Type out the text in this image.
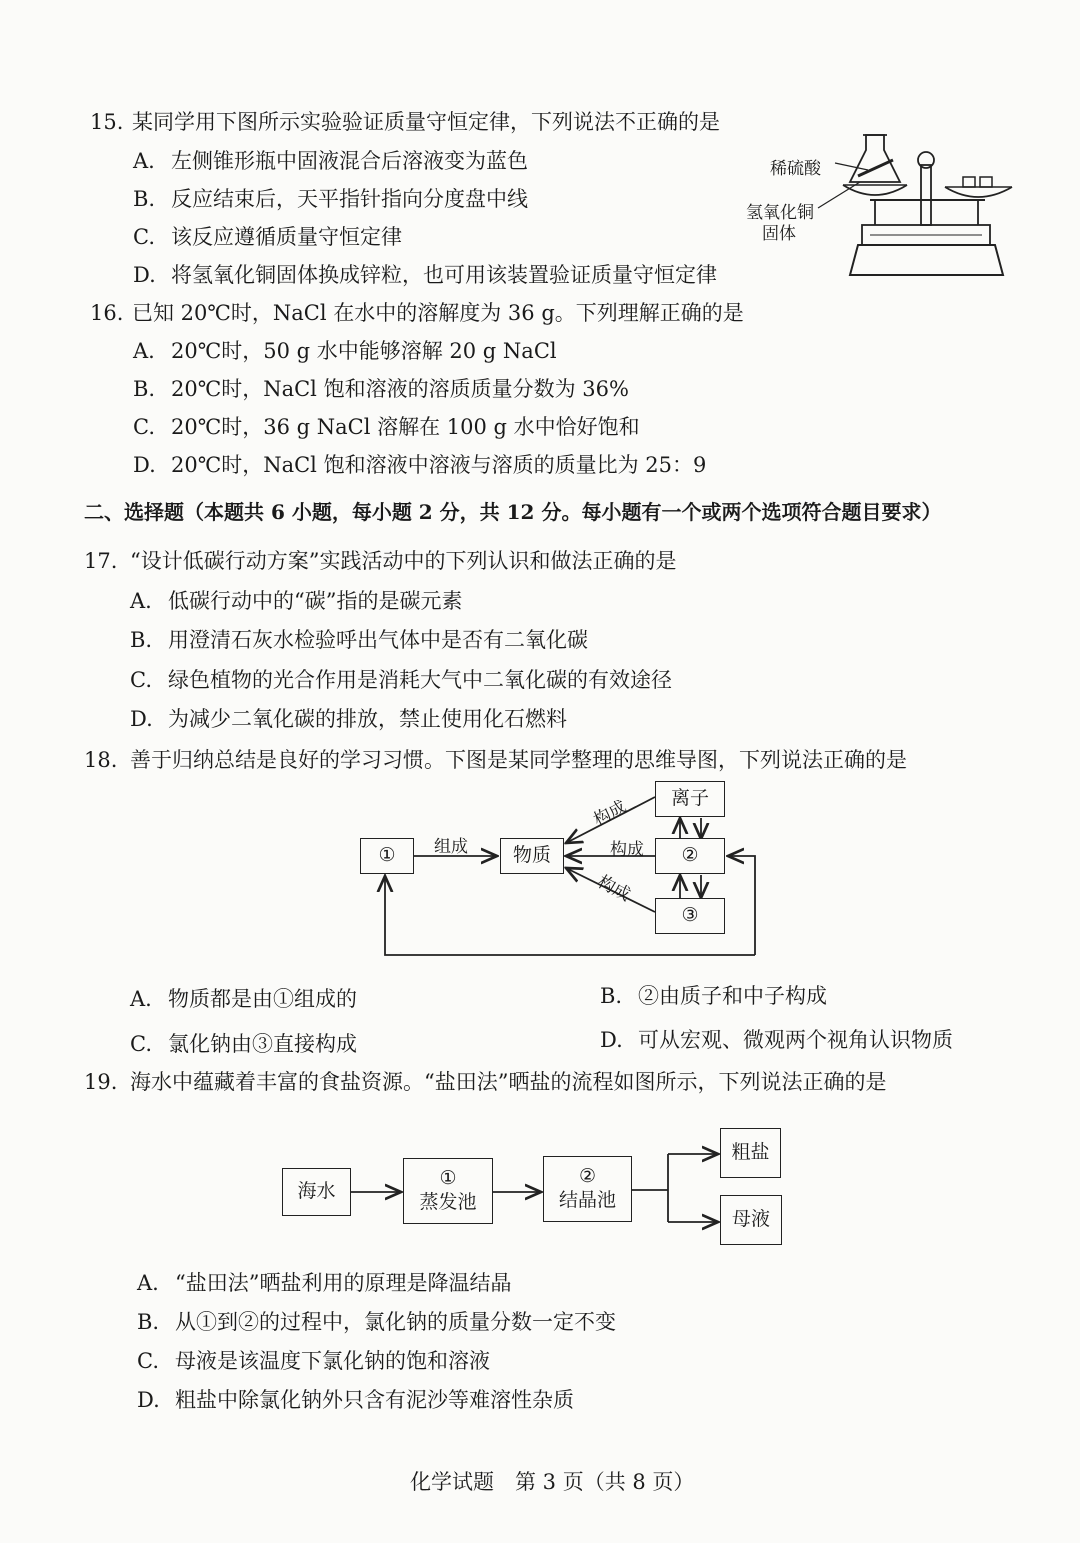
15. 某同学用下图所示实验验证质量守恒定律，下列说法不正确的是
A. 左侧锥形瓶中固液混合后溶液变为蓝色
B. 反应结束后，天平指针指向分度盘中线
C. 该反应遵循质量守恒定律
D. 将氢氧化铜固体换成锌粒，也可用该装置验证质量守恒定律
稀硫酸
氢氧化铜
固体
16. 已知 20℃时，NaCl 在水中的溶解度为 36 g。下列理解正确的是
A. 20℃时，50 g 水中能够溶解 20 g NaCl
B. 20℃时，NaCl 饱和溶液的溶质质量分数为 36%
C. 20℃时，36 g NaCl 溶解在 100 g 水中恰好饱和
D. 20℃时，NaCl 饱和溶液中溶液与溶质的质量比为 25：9
二、选择题（本题共 6 小题，每小题 2 分，共 12 分。每小题有一个或两个选项符合题目要求）
17. “设计低碳行动方案”实践活动中的下列认识和做法正确的是
A. 低碳行动中的“碳”指的是碳元素
B. 用澄清石灰水检验呼出气体中是否有二氧化碳
C. 绿色植物的光合作用是消耗大气中二氧化碳的有效途径
D. 为减少二氧化碳的排放，禁止使用化石燃料
18. 善于归纳总结是良好的学习习惯。下图是某同学整理的思维导图，下列说法正确的是
①	物质
离子
②
③
组成
构成
构成
构成
A. 物质都是由①组成的	B. ②由质子和中子构成
C. 氯化钠由③直接构成	D. 可从宏观、微观两个视角认识物质
19. 海水中蕴藏着丰富的食盐资源。“盐田法”晒盐的流程如图所示，下列说法正确的是
海水
①
蒸发池
②
结晶池
粗盐
母液
A. “盐田法”晒盐利用的原理是降温结晶
B. 从①到②的过程中，氯化钠的质量分数一定不变
C. 母液是该温度下氯化钠的饱和溶液
D. 粗盐中除氯化钠外只含有泥沙等难溶性杂质
化学试题　第 3 页（共 8 页）
